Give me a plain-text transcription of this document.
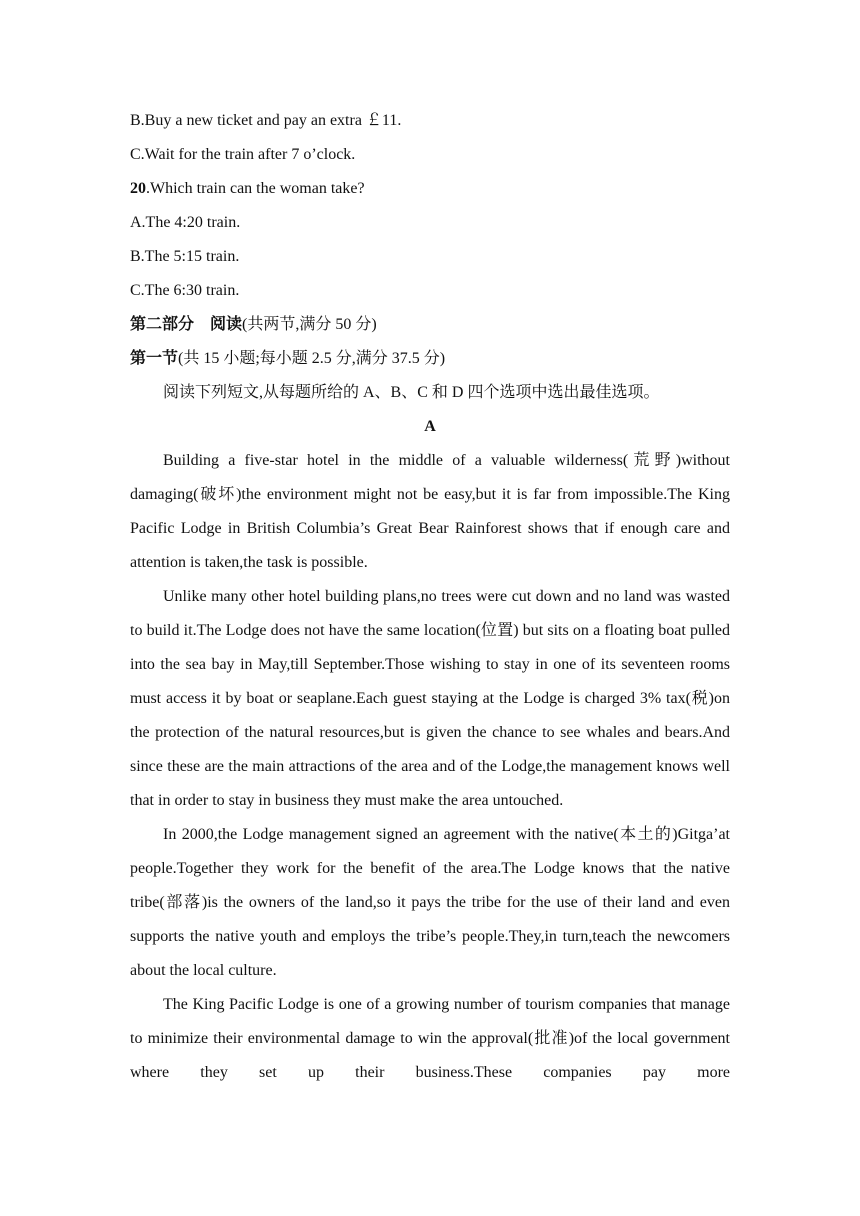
B.Buy a new ticket and pay an extra ￡11.
C.Wait for the train after 7 o’clock.
20.Which train can the woman take?
A.The 4:20 train.
B.The 5:15 train.
C.The 6:30 train.
第二部分 阅读(共两节,满分 50 分)
第一节(共 15 小题;每小题 2.5 分,满分 37.5 分)
阅读下列短文,从每题所给的 A、B、C 和 D 四个选项中选出最佳选项。
A
Building a five-star hotel in the middle of a valuable wilderness(荒野)without damaging(破坏)the environment might not be easy,but it is far from impossible.The King Pacific Lodge in British Columbia’s Great Bear Rainforest shows that if enough care and attention is taken,the task is possible.
Unlike many other hotel building plans,no trees were cut down and no land was wasted to build it.The Lodge does not have the same location(位置) but sits on a floating boat pulled into the sea bay in May,till September.Those wishing to stay in one of its seventeen rooms must access it by boat or seaplane.Each guest staying at the Lodge is charged 3% tax(税)on the protection of the natural resources,but is given the chance to see whales and bears.And since these are the main attractions of the area and of the Lodge,the management knows well that in order to stay in business they must make the area untouched.
In 2000,the Lodge management signed an agreement with the native(本土的)Gitga’at people.Together they work for the benefit of the area.The Lodge knows that the native tribe(部落)is the owners of the land,so it pays the tribe for the use of their land and even supports the native youth and employs the tribe’s people.They,in turn,teach the newcomers about the local culture.
The King Pacific Lodge is one of a growing number of tourism companies that manage to minimize their environmental damage to win the approval(批准)of the local government where they set up their business.These companies pay more
